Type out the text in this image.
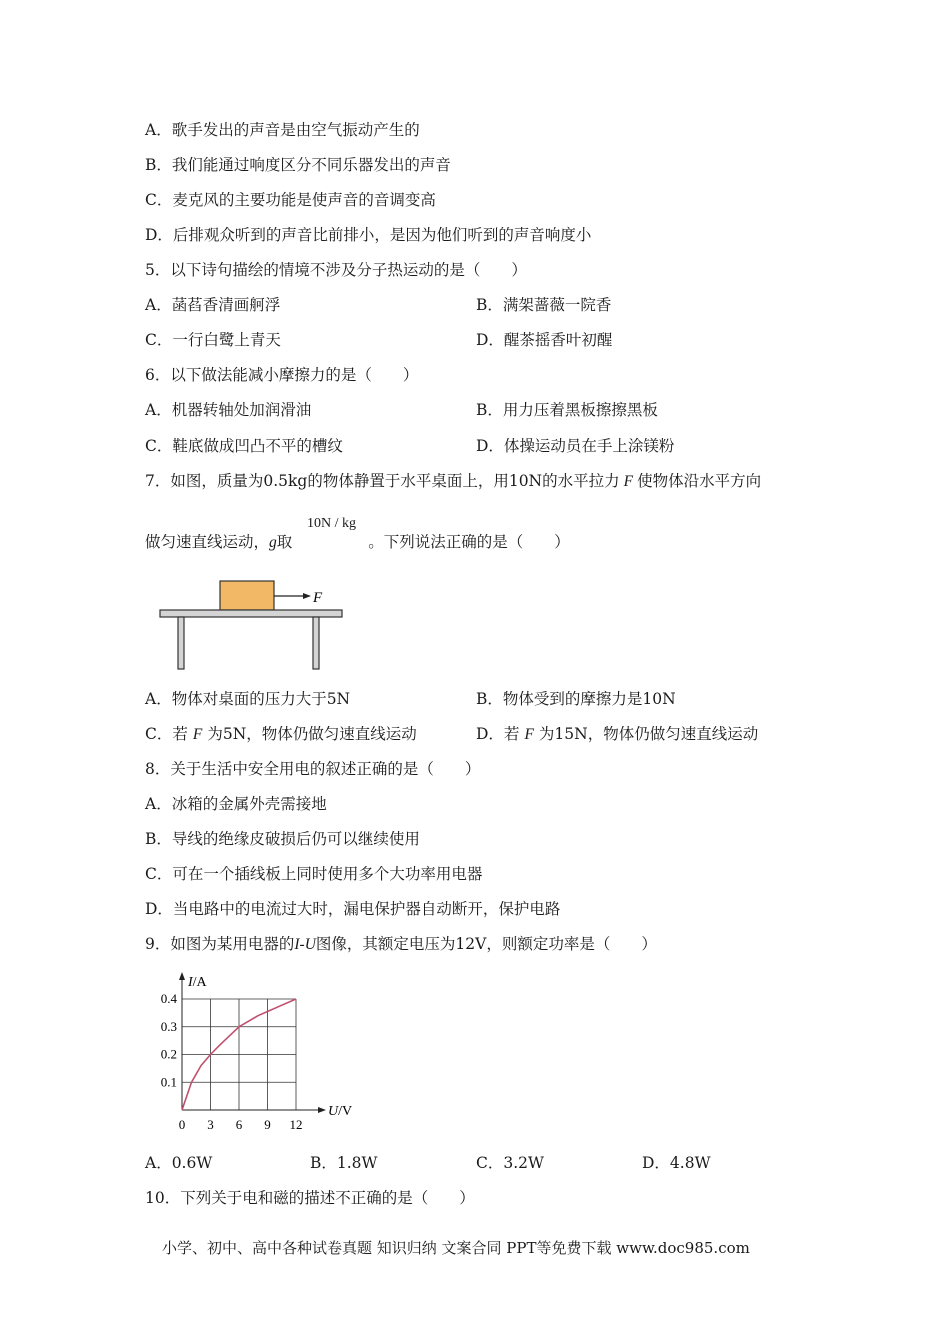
A．歌手发出的声音是由空气振动产生的
B．我们能通过响度区分不同乐器发出的声音
C．麦克风的主要功能是使声音的音调变高
D．后排观众听到的声音比前排小，是因为他们听到的声音响度小
5．以下诗句描绘的情境不涉及分子热运动的是（　　）
A．菡萏香清画舸浮	B．满架蔷薇一院香
C．一行白鹭上青天	D．醒茶摇香叶初醒
6．以下做法能减小摩擦力的是（　　）
A．机器转轴处加润滑油	B．用力压着黑板擦擦黑板
C．鞋底做成凹凸不平的槽纹	D．体操运动员在手上涂镁粉
7．如图，质量为0.5kg的物体静置于水平桌面上，用10N的水平拉力 F 使物体沿水平方向
做匀速直线运动，g取	。下列说法正确的是（　　）
10N / kg
F
A．物体对桌面的压力大于5N	B．物体受到的摩擦力是10N
C．若 F 为5N，物体仍做匀速直线运动	D．若 F 为15N，物体仍做匀速直线运动
8．关于生活中安全用电的叙述正确的是（　　）
A．冰箱的金属外壳需接地
B．导线的绝缘皮破损后仍可以继续使用
C．可在一个插线板上同时使用多个大功率用电器
D．当电路中的电流过大时，漏电保护器自动断开，保护电路
9．如图为某用电器的I-U图像，其额定电压为12V，则额定功率是（　　）
U/V
I/A
0 3 6 9 12
0.1
0.2
0.3
0.4
A．0.6W	B．1.8W	C．3.2W	D．4.8W
10．下列关于电和磁的描述不正确的是（　　）
小学、初中、高中各种试卷真题 知识归纳 文案合同 PPT等免费下载 www.doc985.com
